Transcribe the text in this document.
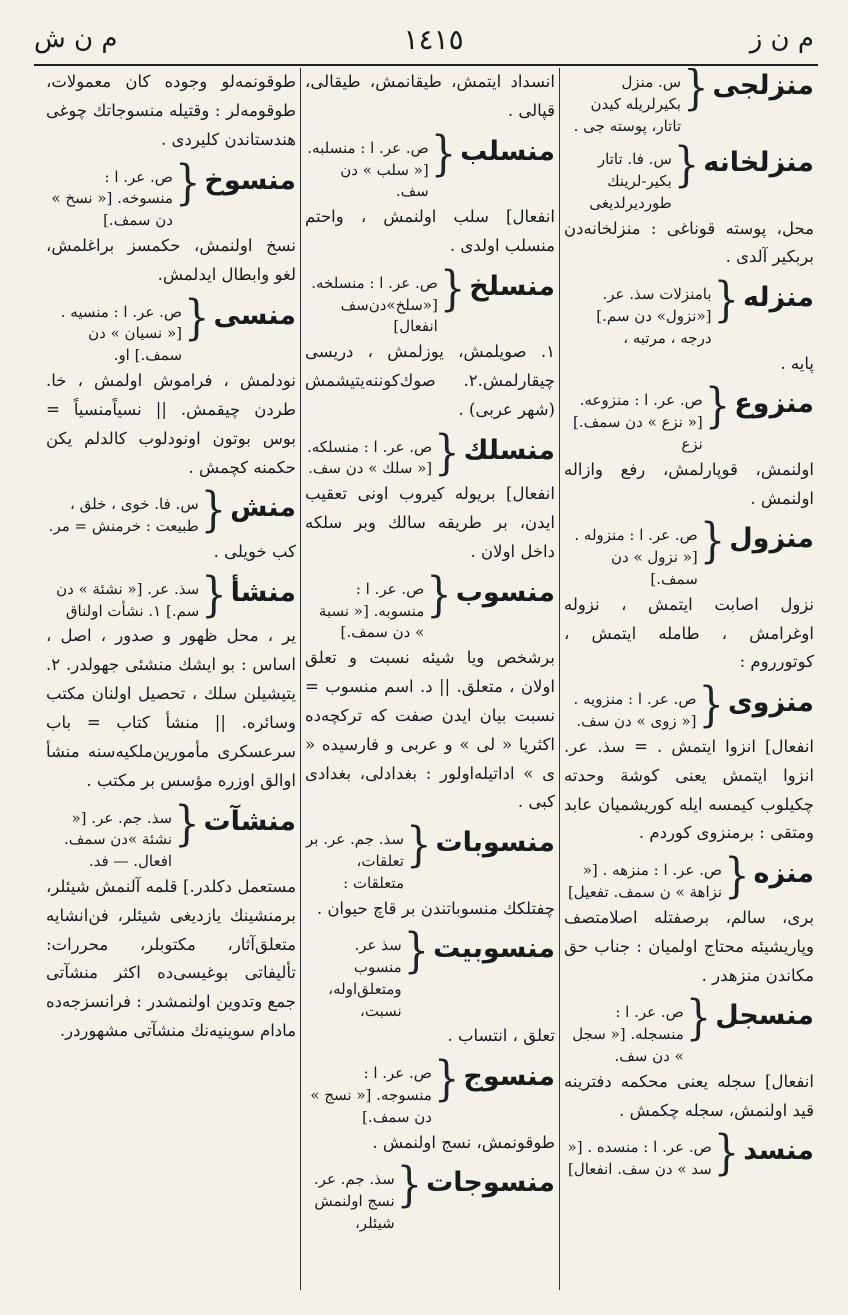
م ن ز
١٤١٥
م ن ش
منزلجى
{
س. منزل بكيرلريله كيدن تاتار، پوسته جى .
منزلخانه
{
س. فا. تاتار بكير-لرينك طورديرلديغى
محل، پوسته قوناغى : منزلخانه‌دن بربكير آلدى .
منزله
{
بامنزلات سذ. عر. [«نزول» دن سم.] درجه ، مرتبه ،
پايه .
منزوع
{
ص. عر. ا : منزوعه. [« نزع » دن سمف.] نزع
اولنمش، قوپارلمش، رفع وازاله اولنمش .
منزول
{
ص. عر. ا : منزوله . [« نزول » دن سمف.]
نزول اصابت ايتمش ، نزوله اوغرامش ، طامله ايتمش ، كوتورروم :
منزوى
{
ص. عر. ا : منزويه . [« زوى » دن سف.
انفعال] انزوا ايتمش . = سذ. عر. انزوا ايتمش يعنى كوشة وحدته چكيلوب كيمسه ايله كوريشميان عابد ومتقى : برمنزوى كوردم .
منزه
{
ص. عر. ا : منزهه . [« نزاهة » ن سمف. تفعيل]
برى، سالم، برصفتله اصلامتصف وپاريشيئه محتاج اولميان : جناب حق مكاندن منزهدر .
منسجل
{
ص. عر. ا : منسجله. [« سجل » دن سف.
انفعال] سجله يعنى محكمه دفترينه قيد اولنمش، سجله چكمش .
منسد
{
ص. عر. ا : منسده . [« سد » دن سف. انفعال]
انسداد ايتمش، طيقانمش، طيقالى، قپالى .
منسلب
{
ص. عر. ا : منسلبه. [« سلب » دن سف.
انفعال] سلب اولنمش ، واحتم منسلب اولدى .
منسلخ
{
ص. عر. ا : منسلخه. [«سلخ»دن‌سف انفعال]
١. صويلمش، يوزلمش ، دريسى چيقارلمش.٢. صوك‌كوننه‌يتيشمش (شهر عربى) .
منسلك
{
ص. عر. ا : منسلكه. [« سلك » دن سف.
انفعال] بريوله كيروب اونى تعقيب ايدن، بر طريقه سالك وبر سلكه داخل اولان .
منسوب
{
ص. عر. ا : منسوبه. [« نسبة » دن سمف.]
برشخص ويا شيئه نسبت و تعلق اولان ، متعلق. || د. اسم منسوب = نسبت بيان ايدن صفت كه تركچه‌ده اكثريا « لى » و عربى و فارسيده « ى » اداتيله‌اولور : بغدادلى، بغدادى كبى .
منسوبات
{
سذ. جم. عر. بر تعلقات، متعلقات :
چفتلكك منسوباتندن بر قاچ حيوان .
منسوبيت
{
سذ عر. منسوب ومتعلق‌اوله، نسبت،
تعلق ، انتساب .
منسوج
{
ص. عر. ا : منسوجه. [« نسج » دن سمف.]
طوقونمش، نسج اولنمش .
منسوجات
{
سذ. جم. عر. نسج اولنمش شيئلر،
طوقونمه‌لو وجوده كان معمولات، طوقومه‌لر : وقتيله منسوجاتك چوغى هندستاندن كليردى .
منسوخ
{
ص. عر. ا : منسوخه. [« نسخ » دن سمف.]
نسخ اولنمش، حكمسز براغلمش، لغو وابطال ايدلمش.
منسى
{
ص. عر. ا : منسيه . [« نسيان » دن سمف.] او.
نودلمش ، فراموش اولمش ، خا. طردن چيقمش. || نسياً‌منسياً = بوس بوتون اونودلوب كالدلم يكن حكمنه كچمش .
منش
{
س. فا. خوى ، خلق ، طبيعت : خرمنش = مر.
كب خويلى .
منشأ
{
سذ. عر. [« نشئة » دن سم.] ١. نشأت اولناق
ير ، محل ظهور و صدور ، اصل ، اساس : بو ايشك منشئى جهولدر. ٢. يتيشيلن سلك ، تحصيل اولنان مكتب وسائره. || منشأ كتاب = باب سرعسكرى مأمورين‌ملكيه‌سنه منشأ اوالق اوزره مؤسس بر مكتب .
منشآت
{
سذ. جم. عر. [« نشئة »دن سمف. افعال. — فد.
مستعمل دكلدر.] قلمه آلنمش شيئلر، برمنشينك يازديغى شيئلر، فن‌انشايه متعلق‌آثار، مكتوبلر، محررات: تأليفاتى بوغيسى‌ده اكثر منشآتى جمع وتدوين اولنمشدر : فرانسزجه‌ده مادام سوينيه‌نك منشآتى مشهوردر.
